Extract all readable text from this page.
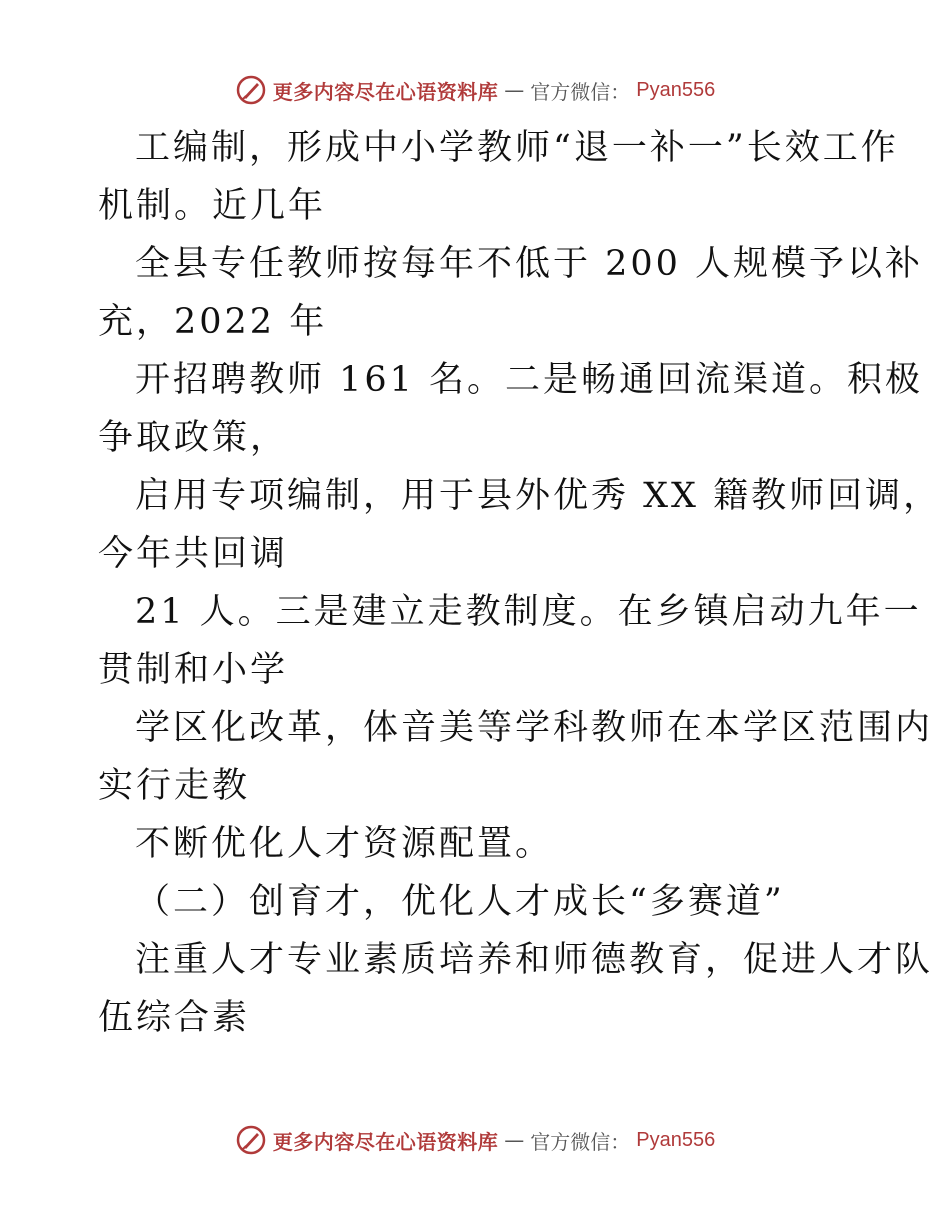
更多内容尽在心语资料库 — 官方微信： Pyan556
工编制，形成中小学教师“退一补一”长效工作
机制。近几年
全县专任教师按每年不低于 200 人规模予以补
充，2022 年
开招聘教师 161 名。二是畅通回流渠道。积极
争取政策，
启用专项编制，用于县外优秀 XX 籍教师回调，
今年共回调
21 人。三是建立走教制度。在乡镇启动九年一
贯制和小学
学区化改革，体音美等学科教师在本学区范围内
实行走教
不断优化人才资源配置。
（二）创育才，优化人才成长“多赛道”
注重人才专业素质培养和师德教育，促进人才队
伍综合素
更多内容尽在心语资料库 — 官方微信： Pyan556
